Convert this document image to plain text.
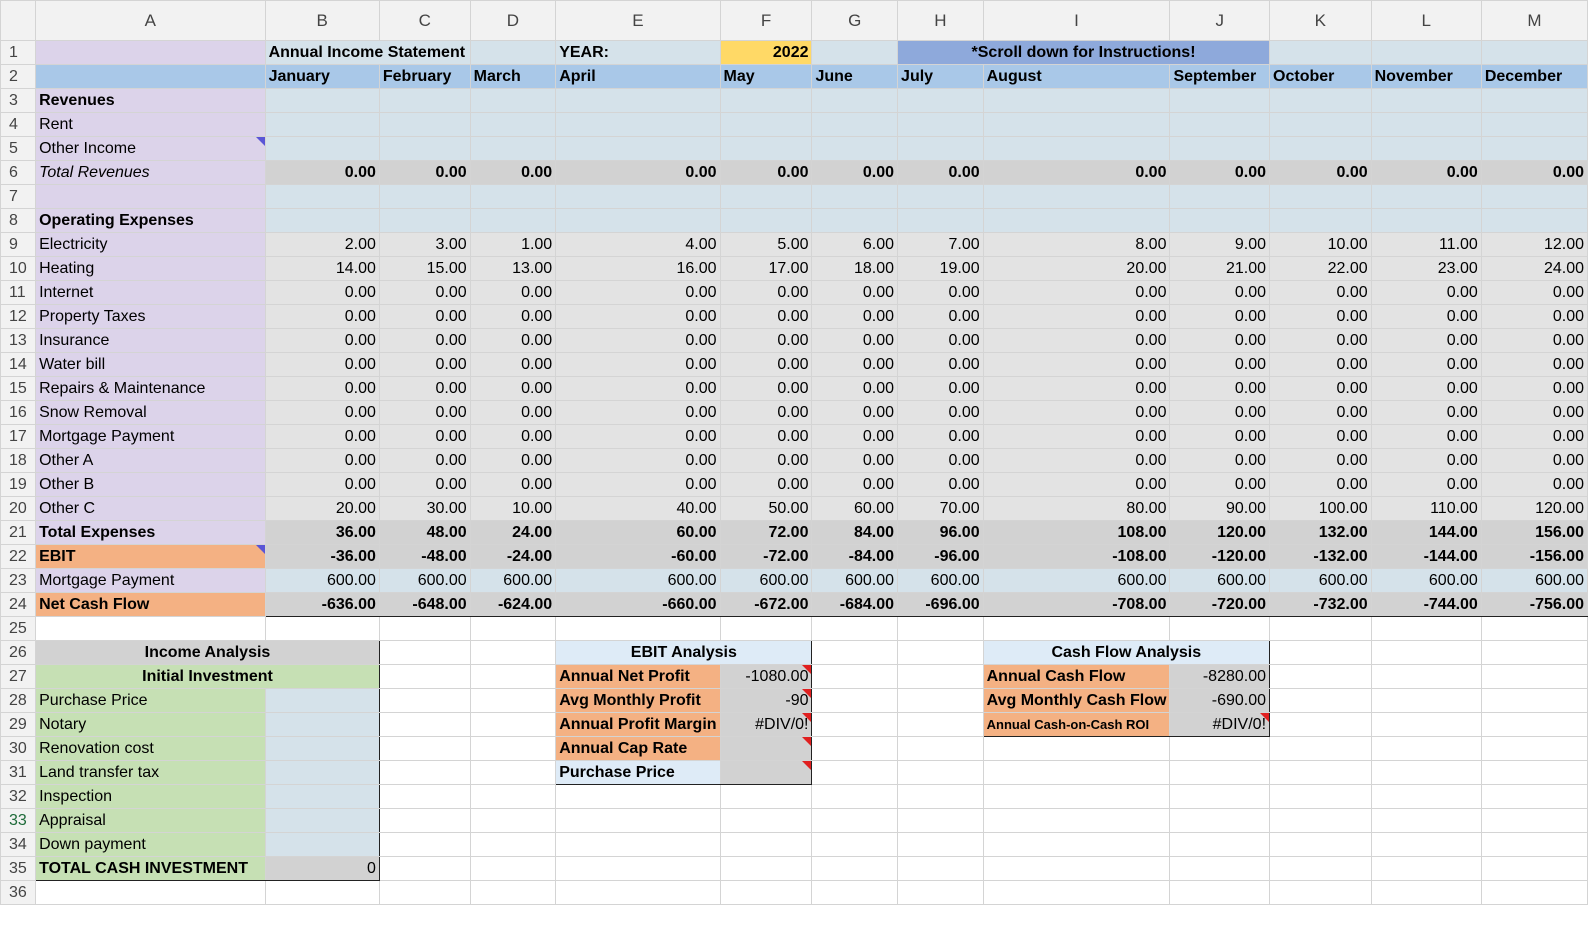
	A	B	C	D	E	F	G	H	I	J	K	L	M
1		Annual Income Statement			YEAR:	2022		*Scroll down for Instructions!					
2		January	February	March	April	May	June	July	August	September	October	November	December
3	Revenues												
4	Rent												
5	Other Income												
6	Total Revenues	0.00	0.00	0.00	0.00	0.00	0.00	0.00	0.00	0.00	0.00	0.00	0.00
7													
8	Operating Expenses												
9	Electricity	2.00	3.00	1.00	4.00	5.00	6.00	7.00	8.00	9.00	10.00	11.00	12.00
10	Heating	14.00	15.00	13.00	16.00	17.00	18.00	19.00	20.00	21.00	22.00	23.00	24.00
11	Internet	0.00	0.00	0.00	0.00	0.00	0.00	0.00	0.00	0.00	0.00	0.00	0.00
12	Property Taxes	0.00	0.00	0.00	0.00	0.00	0.00	0.00	0.00	0.00	0.00	0.00	0.00
13	Insurance	0.00	0.00	0.00	0.00	0.00	0.00	0.00	0.00	0.00	0.00	0.00	0.00
14	Water bill	0.00	0.00	0.00	0.00	0.00	0.00	0.00	0.00	0.00	0.00	0.00	0.00
15	Repairs & Maintenance	0.00	0.00	0.00	0.00	0.00	0.00	0.00	0.00	0.00	0.00	0.00	0.00
16	Snow Removal	0.00	0.00	0.00	0.00	0.00	0.00	0.00	0.00	0.00	0.00	0.00	0.00
17	Mortgage Payment	0.00	0.00	0.00	0.00	0.00	0.00	0.00	0.00	0.00	0.00	0.00	0.00
18	Other A	0.00	0.00	0.00	0.00	0.00	0.00	0.00	0.00	0.00	0.00	0.00	0.00
19	Other B	0.00	0.00	0.00	0.00	0.00	0.00	0.00	0.00	0.00	0.00	0.00	0.00
20	Other C	20.00	30.00	10.00	40.00	50.00	60.00	70.00	80.00	90.00	100.00	110.00	120.00
21	Total Expenses	36.00	48.00	24.00	60.00	72.00	84.00	96.00	108.00	120.00	132.00	144.00	156.00
22	EBIT	-36.00	-48.00	-24.00	-60.00	-72.00	-84.00	-96.00	-108.00	-120.00	-132.00	-144.00	-156.00
23	Mortgage Payment	600.00	600.00	600.00	600.00	600.00	600.00	600.00	600.00	600.00	600.00	600.00	600.00
24	Net Cash Flow	-636.00	-648.00	-624.00	-660.00	-672.00	-684.00	-696.00	-708.00	-720.00	-732.00	-744.00	-756.00
25													
26	Income Analysis				EBIT Analysis				Cash Flow Analysis				
27	Initial Investment				Annual Net Profit	-1080.00			Annual Cash Flow	-8280.00			
28	Purchase Price				Avg Monthly Profit	-90			Avg Monthly Cash Flow	-690.00			
29	Notary				Annual Profit Margin	#DIV/0!			Annual Cash-on-Cash ROI	#DIV/0!			
30	Renovation cost				Annual Cap Rate								
31	Land transfer tax				Purchase Price								
32	Inspection												
33	Appraisal												
34	Down payment												
35	TOTAL CASH INVESTMENT	0											
36													
